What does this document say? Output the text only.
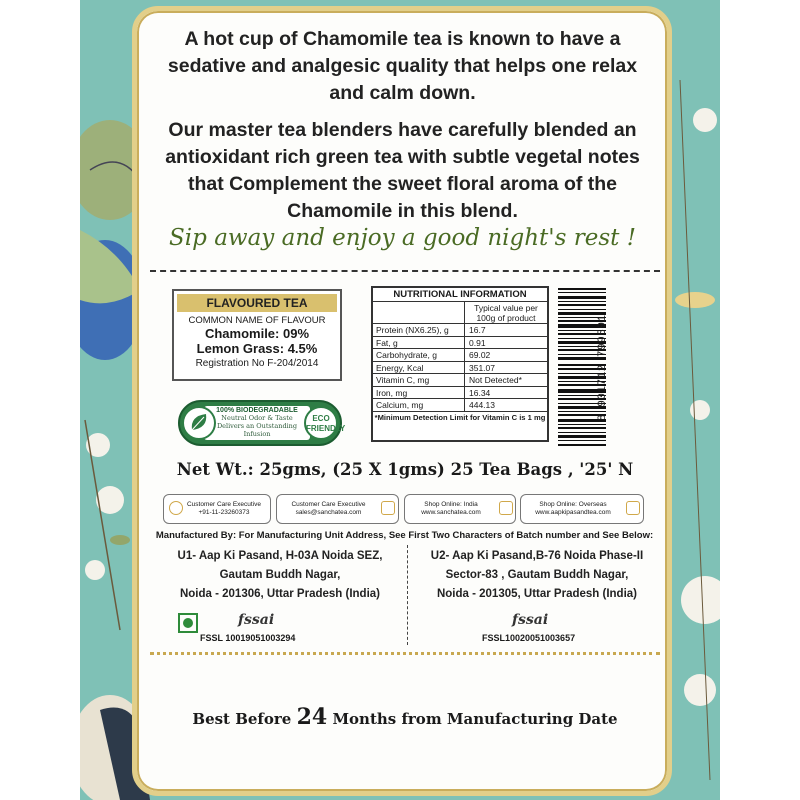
A hot cup of Chamomile tea is known to have a sedative and analgesic quality that helps one relax and calm down.

Our master tea blenders have carefully blended an antioxidant rich green tea with subtle vegetal notes that Complement the sweet floral aroma of the Chamomile in this blend.

Sip away and enjoy a good night's rest !
FLAVOURED TEA
COMMON NAME OF FLAVOUR
Chamomile: 09%
Lemon Grass: 4.5%
Registration No F-204/2014
NUTRITIONAL INFORMATION
Typical value per 100g of product
Protein (NX6.25), g	16.7
Fat, g	0.91
Carbohydrate, g	69.02
Energy, Kcal	351.07
Vitamin C, mg	Not Detected*
Iron, mg	16.34
Calcium, mg	444.13
*Minimum Detection Limit for Vitamin C is 1 mg	8 901712 799591
100% BIODEGRADABLE
Neutral Odor & Taste
Delivers an Outstanding
Infusion
ECO FRIENDLY
Net Wt.: 25gms, (25 X 1gms) 25 Tea Bags , '25' N
Customer Care Executive
+91-11-23260373
Customer Care Executive
sales@sanchatea.com
Shop Online: India
www.sanchatea.com
Shop Online: Overseas
www.aapkipasandtea.com
Manufactured By: For Manufacturing Unit Address, See First Two Characters of Batch number and See Below:
U1- Aap Ki Pasand, H-03A Noida SEZ,
Gautam Buddh Nagar,
Noida - 201306, Uttar Pradesh (India)
U2- Aap Ki Pasand,B-76 Noida Phase-II
Sector-83 , Gautam Buddh Nagar,
Noida - 201305, Uttar Pradesh (India)
fssai
FSSL 10019051003294
fssai
FSSL10020051003657
Best Before 24 Months from Manufacturing Date
